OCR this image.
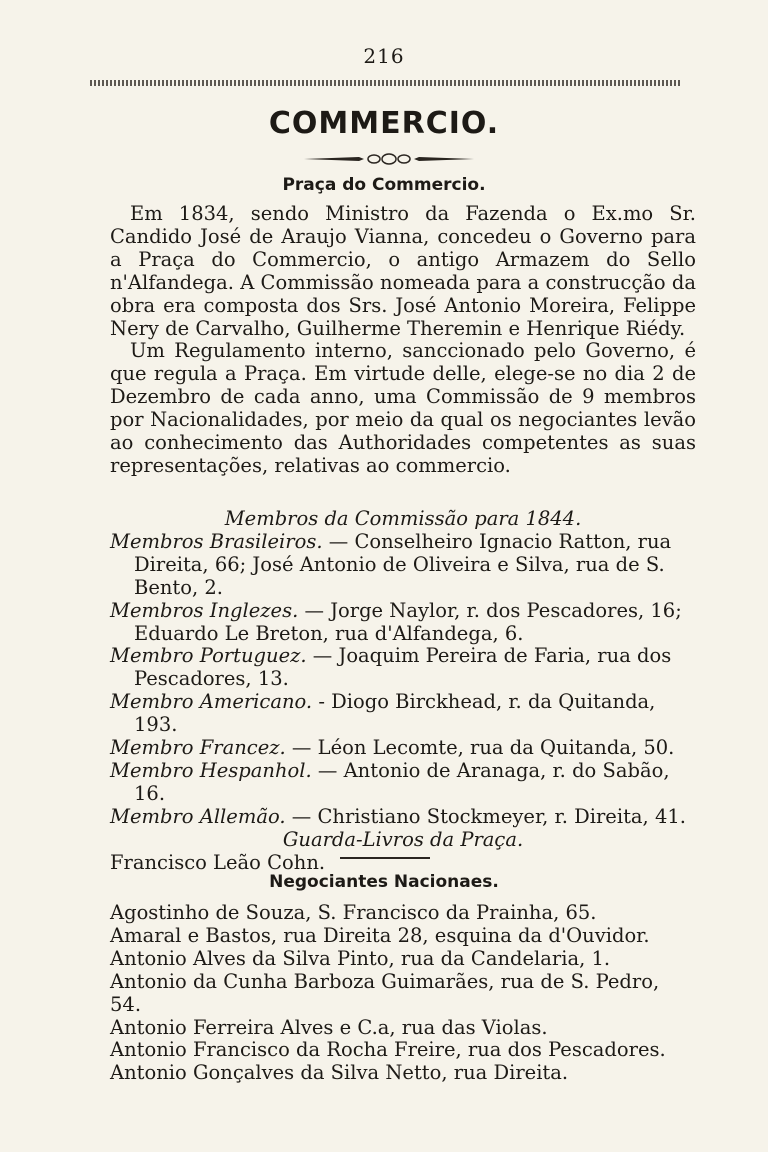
216
COMMERCIO.
Praça do Commercio.

Em 1834, sendo Ministro da Fazenda o Ex.mo Sr. Candido José de Araujo Vianna, concedeu o Governo para a Praça do Commercio, o antigo Armazem do Sello n'Alfandega. A Commissão nomeada para a construcção da obra era composta dos Srs. José Antonio Moreira, Felippe Nery de Carvalho, Guilherme Theremin e Henrique Riédy.

Um Regulamento interno, sanccionado pelo Governo, é que regula a Praça. Em virtude delle, elege-se no dia 2 de Dezembro de cada anno, uma Commissão de 9 membros por Nacionalidades, por meio da qual os negociantes levão ao conhecimento das Authoridades competentes as suas representações, relativas ao commercio.

Membros da Commissão para 1844.

Membros Brasileiros. — Conselheiro Ignacio Ratton, rua Direita, 66; José Antonio de Oliveira e Silva, rua de S. Bento, 2.

Membros Inglezes. — Jorge Naylor, r. dos Pescadores, 16; Eduardo Le Breton, rua d'Alfandega, 6.

Membro Portuguez. — Joaquim Pereira de Faria, rua dos Pescadores, 13.

Membro Americano. - Diogo Birckhead, r. da Quitanda, 193.

Membro Francez. — Léon Lecomte, rua da Quitanda, 50.

Membro Hespanhol. — Antonio de Aranaga, r. do Sabão, 16.

Membro Allemão. — Christiano Stockmeyer, r. Direita, 41.

Guarda-Livros da Praça.

Francisco Leão Cohn.

Negociantes Nacionaes.

Agostinho de Souza, S. Francisco da Prainha, 65.

Amaral e Bastos, rua Direita 28, esquina da d'Ouvidor.

Antonio Alves da Silva Pinto, rua da Candelaria, 1.

Antonio da Cunha Barboza Guimarães, rua de S. Pedro, 54.

Antonio Ferreira Alves e C.a, rua das Violas.

Antonio Francisco da Rocha Freire, rua dos Pescadores.

Antonio Gonçalves da Silva Netto, rua Direita.
